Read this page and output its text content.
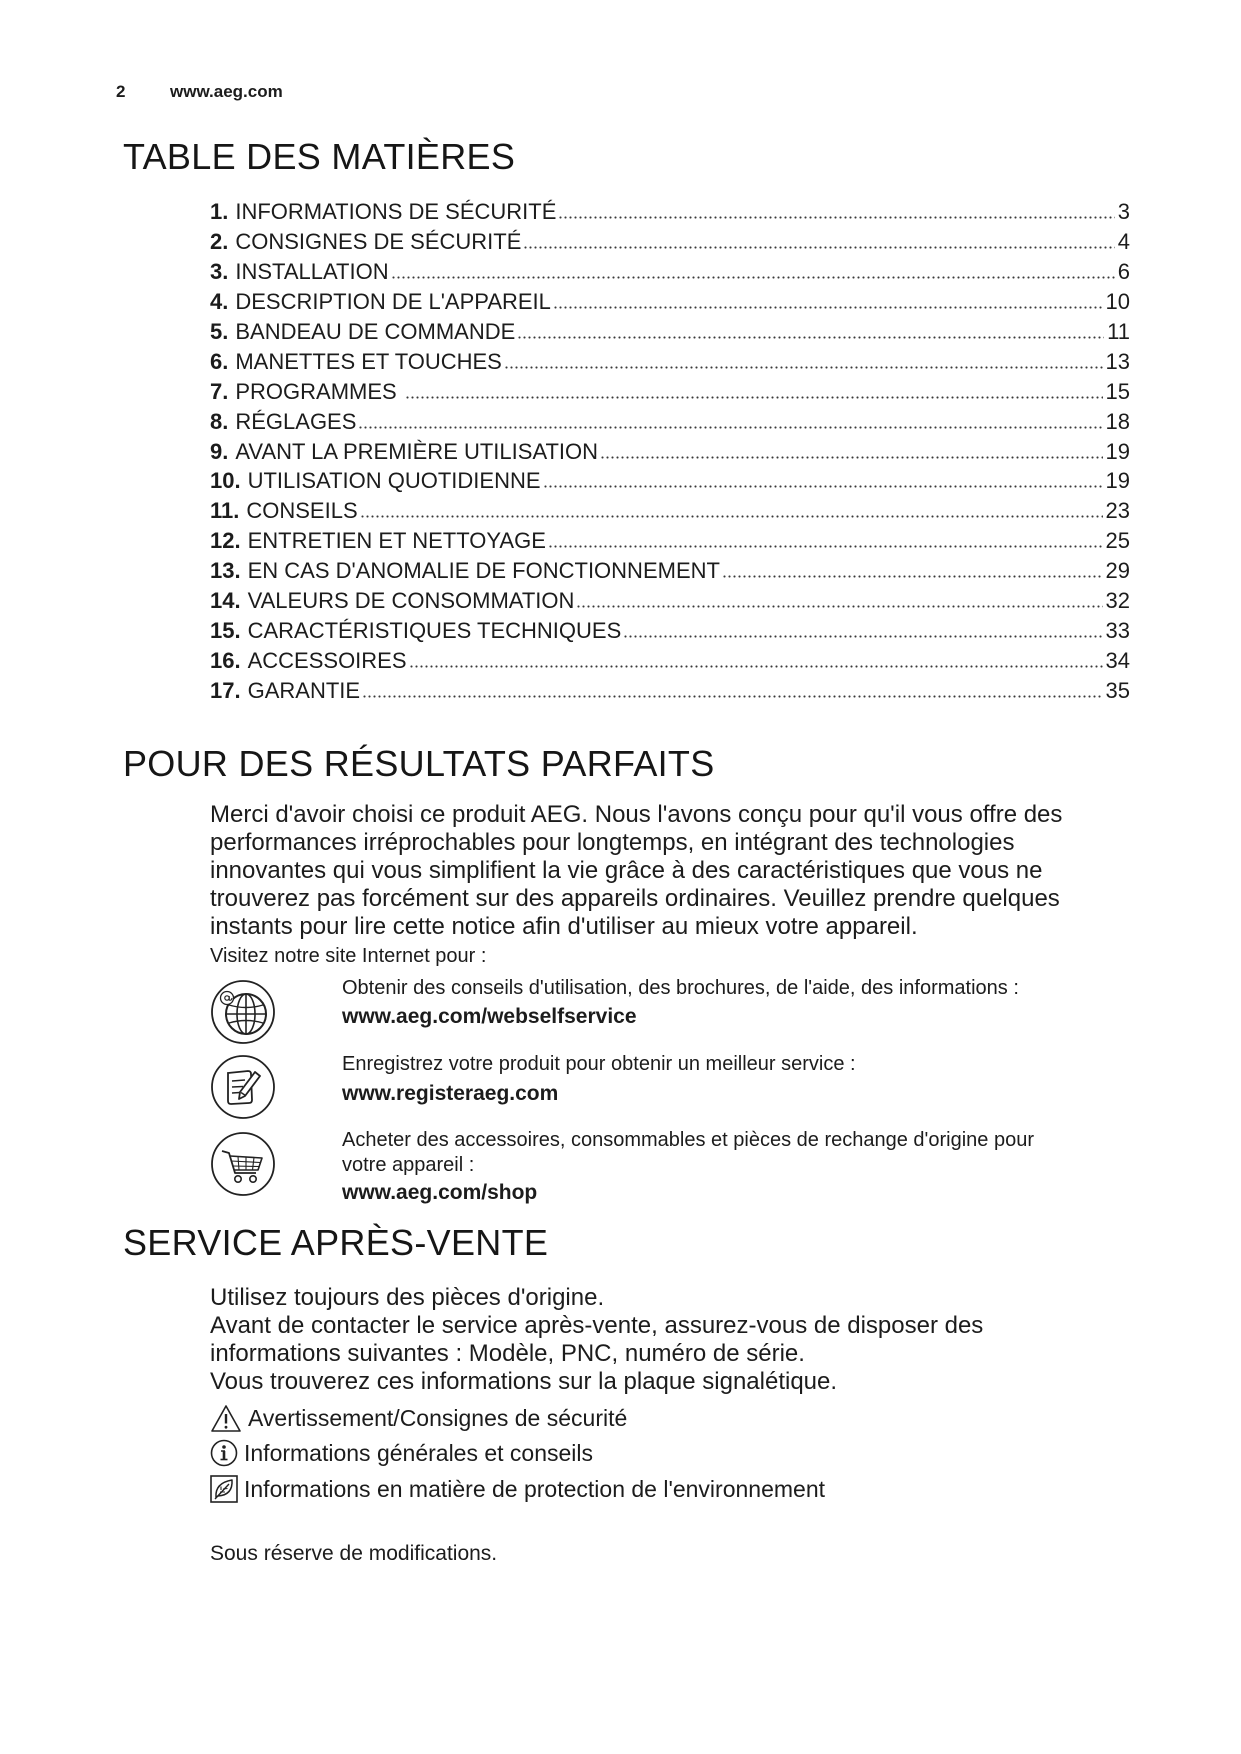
2	www.aeg.com
TABLE DES MATIÈRES
1. INFORMATIONS DE SÉCURITÉ	3
2. CONSIGNES DE SÉCURITÉ	4
3. INSTALLATION	6
4. DESCRIPTION DE L'APPAREIL	10
5. BANDEAU DE COMMANDE	11
6. MANETTES ET TOUCHES	13
7. PROGRAMMES	15
8. RÉGLAGES	18
9. AVANT LA PREMIÈRE UTILISATION	19
10. UTILISATION QUOTIDIENNE	19
11. CONSEILS	23
12. ENTRETIEN ET NETTOYAGE	25
13. EN CAS D'ANOMALIE DE FONCTIONNEMENT	29
14. VALEURS DE CONSOMMATION	32
15. CARACTÉRISTIQUES TECHNIQUES	33
16. ACCESSOIRES	34
17. GARANTIE	35
POUR DES RÉSULTATS PARFAITS
Merci d'avoir choisi ce produit AEG. Nous l'avons conçu pour qu'il vous offre des
performances irréprochables pour longtemps, en intégrant des technologies
innovantes qui vous simplifient la vie grâce à des caractéristiques que vous ne
trouverez pas forcément sur des appareils ordinaires. Veuillez prendre quelques
instants pour lire cette notice afin d'utiliser au mieux votre appareil.
Visitez notre site Internet pour :
Obtenir des conseils d'utilisation, des brochures, de l'aide, des informations :
www.aeg.com/webselfservice
Enregistrez votre produit pour obtenir un meilleur service :
www.registeraeg.com
Acheter des accessoires, consommables et pièces de rechange d'origine pour
votre appareil :
www.aeg.com/shop
SERVICE APRÈS-VENTE
Utilisez toujours des pièces d'origine.
Avant de contacter le service après-vente, assurez-vous de disposer des
informations suivantes : Modèle, PNC, numéro de série.
Vous trouverez ces informations sur la plaque signalétique.
Avertissement/Consignes de sécurité
Informations générales et conseils
Informations en matière de protection de l'environnement
Sous réserve de modifications.
